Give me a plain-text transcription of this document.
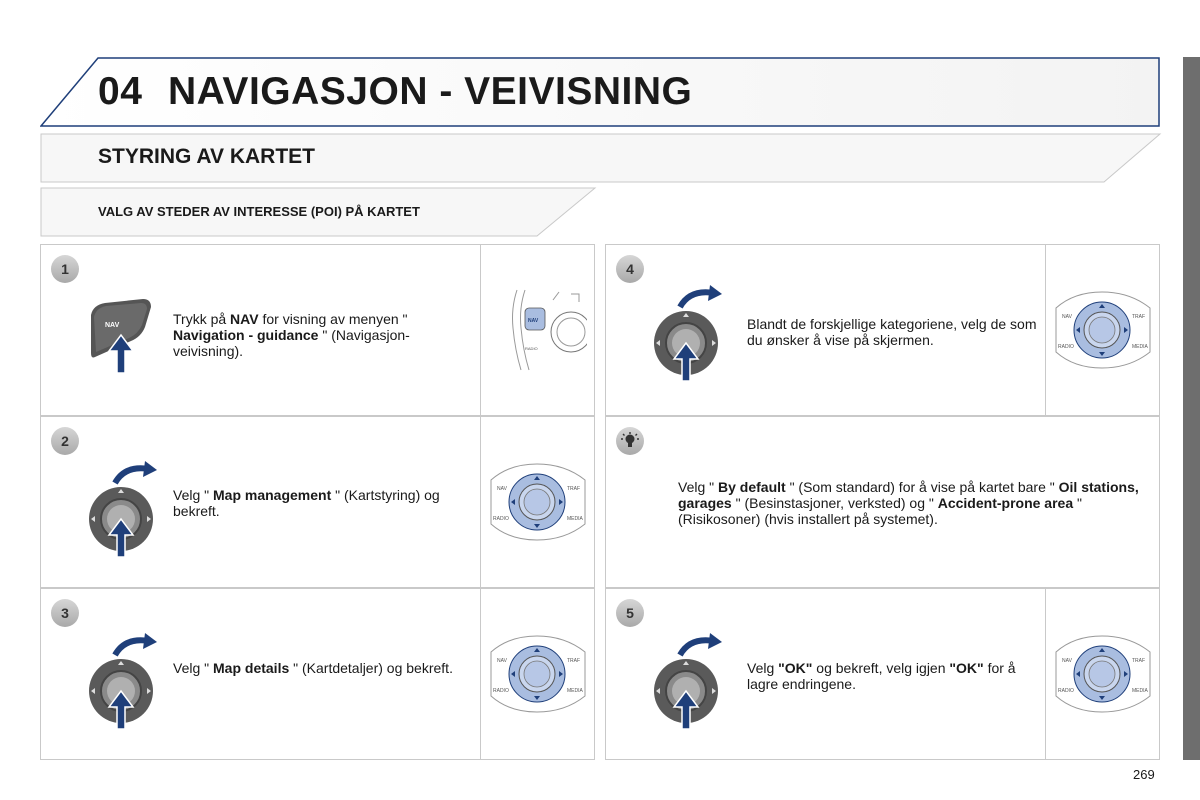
04 NAVIGASJON - VEIVISNING
STYRING AV KARTET
VALG AV STEDER AV INTERESSE (POI) PÅ KARTET
1
NAV	Trykk på NAV for visning av menyen " Navigation - guidance " (Navigasjon-veivisning).
NAV
RADIO
2
Velg " Map management " (Kartstyring) og bekreft.
NAV	TRAF
RADIO	MEDIA
3
Velg " Map details " (Kartdetaljer) og bekreft.	NAV	TRAF
RADIO	MEDIA
4
Blandt de forskjellige kategoriene, velg de som du ønsker å vise på skjermen.
NAV	TRAF
RADIO	MEDIA
Velg " By default " (Som standard) for å vise på kartet bare " Oil stations, garages " (Besinstasjoner, verksted) og " Accident-prone area " (Risikosoner) (hvis installert på systemet).
5
Velg "OK" og bekreft, velg igjen "OK" for å lagre endringene.
NAV	TRAF
RADIO	MEDIA
269
